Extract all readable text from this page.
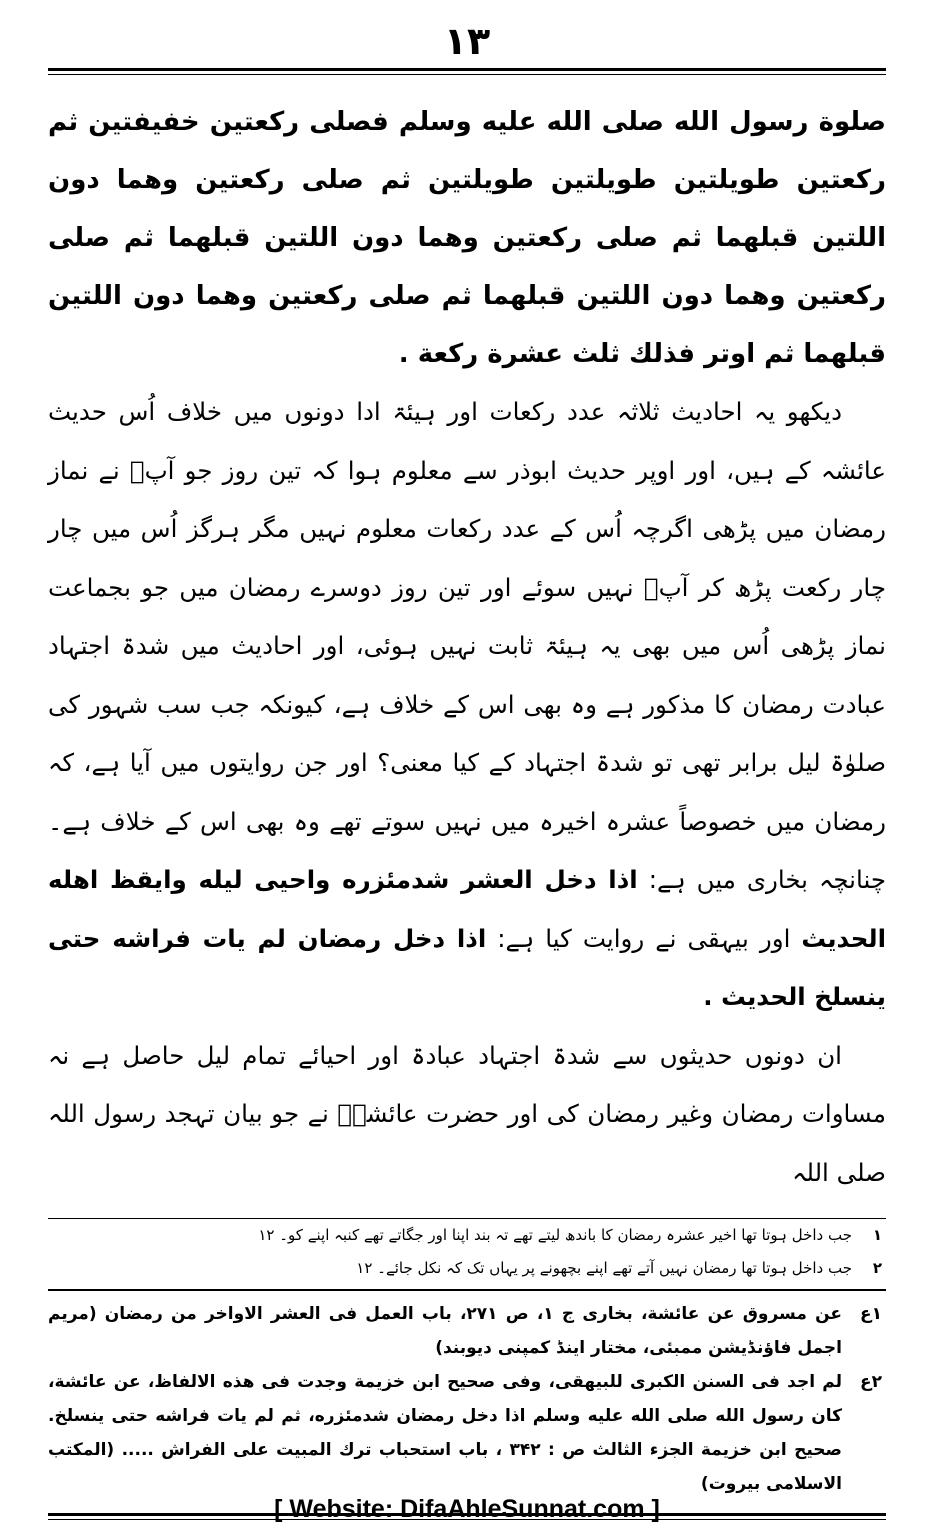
۱۳

صلوة رسول الله صلی الله علیه وسلم فصلی رکعتین خفیفتین ثم رکعتین طویلتین طویلتین طویلتین ثم صلی رکعتین وهما دون اللتین قبلهما ثم صلی رکعتین وهما دون اللتین قبلهما ثم صلی رکعتین وهما دون اللتین قبلهما ثم صلی رکعتین وهما دون اللتین قبلهما ثم اوتر فذلك ثلث عشرة رکعة .

دیکھو یہ احادیث ثلاثہ عدد رکعات اور ہیئۃ ادا دونوں میں خلاف اُس حدیث عائشہ کے ہیں، اور اوپر حدیث ابوذر سے معلوم ہوا کہ تین روز جو آپؐ نے نماز رمضان میں پڑھی اگرچہ اُس کے عدد رکعات معلوم نہیں مگر ہرگز اُس میں چار چار رکعت پڑھ کر آپؐ نہیں سوئے اور تین روز دوسرے رمضان میں جو بجماعت نماز پڑھی اُس میں بھی یہ ہیئۃ ثابت نہیں ہوئی، اور احادیث میں شدۃ اجتہاد عبادت رمضان کا مذکور ہے وہ بھی اس کے خلاف ہے، کیونکہ جب سب شہور کی صلوٰۃ لیل برابر تھی تو شدۃ اجتہاد کے کیا معنی؟ اور جن روایتوں میں آیا ہے، کہ رمضان میں خصوصاً عشرہ اخیرہ میں نہیں سوتے تھے وہ بھی اس کے خلاف ہے۔ چنانچہ بخاری میں ہے: اذا دخل العشر شدمئزره واحیی لیله وایقظ اهله الحدیث اور بیہقی نے روایت کیا ہے: اذا دخل رمضان لم یات فراشه حتی ینسلخ الحدیث .

ان دونوں حدیثوں سے شدۃ اجتہاد عبادۃ اور احیائے تمام لیل حاصل ہے نہ مساوات رمضان وغیر رمضان کی اور حضرت عائشہؓ نے جو بیان تہجد رسول اللہ صلی اللہ

۱جب داخل ہوتا تھا اخیر عشرہ رمضان کا باندھ لیتے تھے تہ بند اپنا اور جگاتے تھے کنبہ اپنے کو۔ ۱۲

۲جب داخل ہوتا تھا رمضان نہیں آتے تھے اپنے بچھونے پر یہاں تک کہ نکل جائے۔ ۱۲

۱ع
عن مسروق عن عائشة، بخاری ج ۱، ص ۲۷۱، باب العمل فی العشر الاواخر من رمضان (مریم اجمل فاؤنڈیشن ممبئی، مختار اینڈ کمپنی دیوبند)

۲ع
لم اجد فی السنن الکبری للبیهقی، وفی صحیح ابن خزیمة وجدت فی هذه الالفاظ، عن عائشة، کان رسول الله صلی الله علیه وسلم اذا دخل رمضان شدمئزره، ثم لم یات فراشه حتی ینسلخ. صحیح ابن خزیمة الجزء الثالث ص : ۳۴۲ ، باب استحباب ترك المبیت علی الفراش ..... (المکتب الاسلامی بیروت)

[ Website: DifaAhleSunnat.com ]
